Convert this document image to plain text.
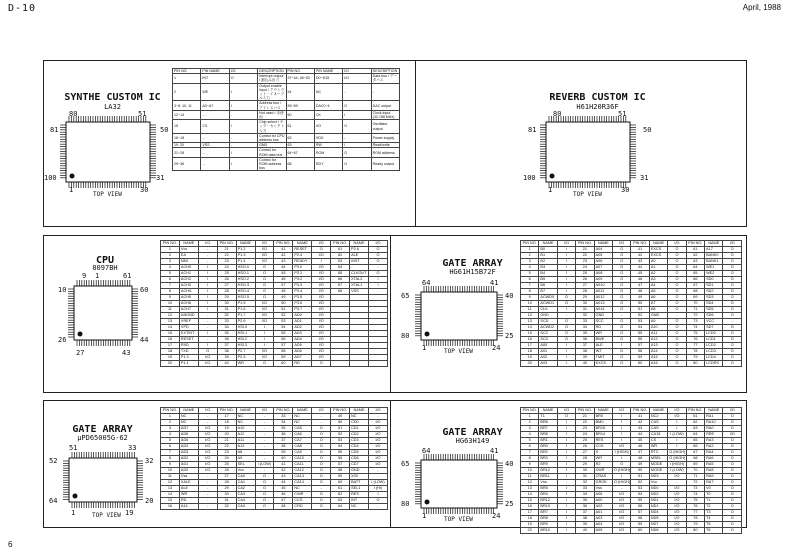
D-10	April, 1988
6
SYNTHE CUSTOM IC
LA32
80	51
81	50
100	31
1	30
TOP VIEW
PIN NO.	PIN NAME	I/O	DESCRIPTION	PIN NO.	PIN NAME	I/O	DESCRIPTION
1	INT	O	Interrupt output / 割込み出力	37~44, 46~53	D0~D15	I/O	Data bus / データバス
2	WE	I	Output enable input / アウトプット・イネーブル入力	54	NC	-	-
3~8, 10, 11	A0~A7	I	Address bus / アドレスバス	55~59	DAC0~4	O	DAC output
12~14	...	-	Not used / 未使用	60	CK	I	Clock input (32.768 MHz)
15	CS	I	Chip select / チップ・セレクト入力	61	XO	O	Oscillator output
16~18	...	-	Control for CPU address bus	62	VDD	-	Power supply
19, 20	VSS	-	GND	63	RW	I	Read/write
21~28	...	I	Control for ROM data bus	64~67	ROM	O	ROM address
29~36	...	I	Control for ROM address bus	68	RDY	O	Ready output
REVERB CUSTOM IC
H61H20R36F
80	51
81	50
100	31
1	30
TOP VIEW
9 1	61
10	60
26	44
27	43
CPU
8097BH
PIN NO.	NAME	I/O	PIN NO.	NAME	I/O	PIN NO.	NAME	I/O	PIN NO.	NAME	I/O
1	Vcc	-	21	P1.2	I/O	41	RESET	O	61	P2.6	O
2	EA	-	22	P1.3	I/O	42	P2.4	I/O	62	ALE	O
3	NMI	-	23	P1.4	I/O	43	READY	I	63	INST	O
4	ACH0	I	24	HSO.0	O	44	P3.0	I/O	64	-	-
5	ACH1	I	25	HSO.1	O	45	P3.1	I/O	65	CLKOUT	O
6	ACH2	I	26	HSO.2	O	46	P3.2	I/O	66	XTAL2	I
7	ACH3	I	27	HSO.3	O	47	P3.3	I/O	67	XTAL1	I
8	ACH4	I	28	HSO.4	O	48	P3.4	I/O	68	VSS	-
9	ACH5	I	29	HSO.5	O	49	P3.5	I/O			
10	ACH6	I	30	P1.5	I/O	50	P3.6	I/O			
11	ACH7	I	31	P1.6	I/O	51	P3.7	I/O			
12	ANGND	-	32	P1.7	I/O	52	AD0	I/O			
13	VREF	-	33	P2.6	I/O	53	AD1	I/O			
14	VPD	-	34	HSI.0	I	54	AD2	I/O			
15	EXTINT	I	35	HSI.1	I	55	AD3	I/O			
16	RESET	-	36	HSI.2	I	56	AD4	I/O			
17	RXD	I	37	HSI.3	I	57	AD5	I/O			
18	TXD	O	38	P2.7	I/O	58	AD6	I/O			
19	P1.0	I/O	39	P2.5	I/O	59	AD7	I/O			
20	P1.1	I/O	40	WR	O	60	RD	O			
GATE ARRAY
HG61H15B72F
64	41
65	40
80	25
1	24
TOP VIEW
PIN NO.	NAME	I/O	PIN NO.	NAME	I/O	PIN NO.	NAME	I/O	PIN NO.	NAME	I/O
1	B0	I	21	A04	O	41	EXCS	O	61	A17	O
2	B1	I	22	A05	O	42	EXCS	O	62	BANK0	O
3	B2	I	23	A06	O	43	A0	O	63	BANK1	O
4	B3	I	24	A07	O	44	A1	O	64	WE1	O
5	B4	I	25	A08	O	45	A2	O	65	WE2	O
6	B5	I	26	A09	O	46	A3	O	66	SD0	O
7	B6	I	27	A010	O	47	A4	O	67	SD1	O
8	B7	I	28	A011	O	48	A5	O	68	SD2	O
9	ACWD0	O	29	A012	O	49	A6	O	69	SD3	O
10	ACWD1	O	30	A013	O	50	A7	O	70	SD4	O
11	CLK	I	31	A014	O	51	A8	O	71	SD5	O
12	GND	-	32	GND	-	52	GND	-	72	SD6	O
13	SCD	O	33	SCC	O	53	A9	O	73	VCC	-
14	ACWD2	O	34	RD	O	54	A10	O	74	SD7	O
15	SC2	O	35	WR	O	55	A11	O	75	LCD0	O
16	SC3	O	36	BWE	O	56	A12	O	76	LCD1	O
17	A00	I	37	ALE	I	57	A13	O	77	LCD2	O
18	A01	I	38	INT	O	58	A14	O	78	LCD3	O
19	A02	I	39	TMIT	O	59	A15	O	79	LCD4	O
20	A03	I	40	EXCS	O	60	A16	O	80	LCDRS	O
GATE ARRAY
µPD65005G-62
51	33
52	32
64	20
1	19
TOP VIEW
PIN NO.	NAME	I/O	PIN NO.	NAME	I/O	PIN NO.	NAME	I/O	PIN NO.	NAME	I/O
1	NC	-	17	NC	-	33	NC	-	49	NC	-
2	NC	-	18	NC	-	34	NC	-	50	CD0	I/O
3	AD7	I/O	19	A10	-	35	CA5	O	51	CD1	I/O
4	AD6	I/O	20	A12	-	36	CA6	O	52	CD2	I/O
5	AD5	I/O	21	A11	-	37	CA7	O	53	CD3	I/O
6	AD4	I/O	22	A13	-	38	CA8	O	54	CD4	I/O
7	AD3	I/O	23	A8	-	39	CA9	O	55	CD5	I/O
8	AD2	I/O	24	A9	-	40	CA10	O	56	CD6	I/O
9	AD1	I/O	25	SEL	I (LOW)	41	CA11	O	57	CD7	I/O
10	AD0	I/O	26	Vcc	-	42	CA12	O	58	GND	-
11	Vss	-	27	CA0	O	43	CA13	O	59	X00	-
12	XALE	-	28	CA1	O	44	CA14	O	60	BATT	I (LOW)
13	ALE	-	29	CA2	O	45	NC	-	61	SEL1	I (HI)
14	WR	-	30	CA3	O	46	CWR	O	62	RES	I
15	RD	-	31	CA4	O	47	CCS	O	63	INT	O
16	A14	-	32	CA4	O	48	CRD	O	64	NC	-
GATE ARRAY
HG63H149
64	41
65	40
80	25
1	24
TOP VIEW
PIN NO.	NAME	I/O	PIN NO.	NAME	I/O	PIN NO.	NAME	I/O	PIN NO.	NAME	I/O
1	T1	O	21	BR0	I	41	NC2	I/O	61	RA1	O
2	BR6	I	22	BM0	I	42	CAS	I	62	RA10	O
3	BR7	I	23	BR15	I	43	CAS	I	63	RA0	O
4	BR8	I	24	BR14	I	44	CA15	I (LOW)	64	RRE	I/O
5	BR1	I	25	RES	I	45	CS	I	65	RA3	O
6	BR0	I	26	CCK	I/O	46	WR	I	66	RA2	O
7	BR2	I	27	S	I (HIGH)	47	RTC	O (HIGH)	67	RA4	O
8	BR3	I	28	WR	I	48	MSEL	O (HIGH)	68	RA6	O
9	BR9	I	29	R2	O	49	MODE	I (HIGH)	69	RA5	O
10	BR10	I	30	XWR	O (HIGH)	50	MODE	I (LOW)	70	RA8	O
11	BR11	I	31	CRAS	I	51	ND3	I/O	71	RA9	O
12	Vss	-	32	GROK	O (HIGH)	52	Vcc	-	72	RA7	O
13	BR5	I	33	Vss	-	53	ND0	I/O	73	V0	O
14	BR4	I	34	A06	I/O	54	ND2	I/O	74	T0	O
15	BR12	I	35	A00	I/O	55	ND1	I/O	75	T1	O
16	BR13	I	36	A02	I/O	56	ND1	I/O	76	T2	O
17	BR7	I	37	A01	I/O	57	ND4	I/O	77	T3	O
18	BR8	I	38	A03	I/O	58	ND5	I/O	78	T4	O
19	BR9	I	39	A04	I/O	59	ND7	I/O	79	T5	O
20	BR10	I	40	A05	I/O	60	ND6	I/O	80	T6	O
